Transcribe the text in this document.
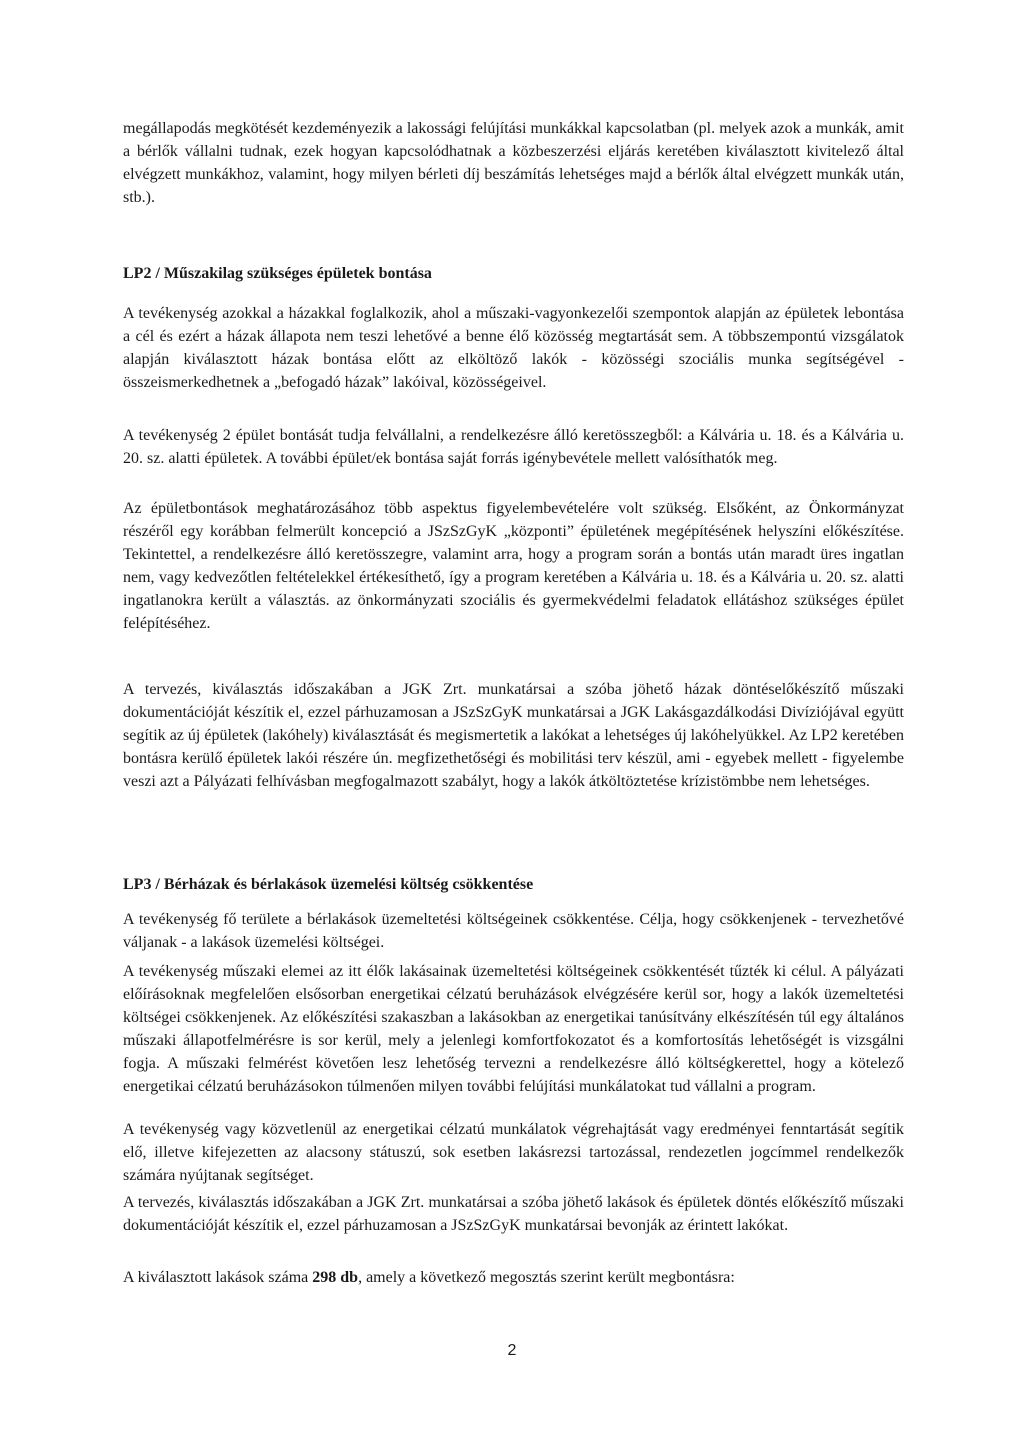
megállapodás megkötését kezdeményezik a lakossági felújítási munkákkal kapcsolatban (pl. melyek azok a munkák, amit a bérlők vállalni tudnak, ezek hogyan kapcsolódhatnak a közbeszerzési eljárás keretében kiválasztott kivitelező által elvégzett munkákhoz, valamint, hogy milyen bérleti díj beszámítás lehetséges majd a bérlők által elvégzett munkák után, stb.).

LP2 / Műszakilag szükséges épületek bontása

A tevékenység azokkal a házakkal foglalkozik, ahol a műszaki-vagyonkezelői szempontok alapján az épületek lebontása a cél és ezért a házak állapota nem teszi lehetővé a benne élő közösség megtartását sem. A többszempontú vizsgálatok alapján kiválasztott házak bontása előtt az elköltöző lakók - közösségi szociális munka segítségével - összeismerkedhetnek a „befogadó házak” lakóival, közösségeivel.

A tevékenység 2 épület bontását tudja felvállalni, a rendelkezésre álló keretösszegből: a Kálvária u. 18. és a Kálvária u. 20. sz. alatti épületek. A további épület/ek bontása saját forrás igénybevétele mellett valósíthatók meg.

Az épületbontások meghatározásához több aspektus figyelembevételére volt szükség. Elsőként, az Önkormányzat részéről egy korábban felmerült koncepció a JSzSzGyK „központi” épületének megépítésének helyszíni előkészítése. Tekintettel, a rendelkezésre álló keretösszegre, valamint arra, hogy a program során a bontás után maradt üres ingatlan nem, vagy kedvezőtlen feltételekkel értékesíthető, így a program keretében a Kálvária u. 18. és a Kálvária u. 20. sz. alatti ingatlanokra került a választás. az önkormányzati szociális és gyermekvédelmi feladatok ellátáshoz szükséges épület felépítéséhez.

A tervezés, kiválasztás időszakában a JGK Zrt. munkatársai a szóba jöhető házak döntéselőkészítő műszaki dokumentációját készítik el, ezzel párhuzamosan a JSzSzGyK munkatársai a JGK Lakásgazdálkodási Divíziójával együtt segítik az új épületek (lakóhely) kiválasztását és megismertetik a lakókat a lehetséges új lakóhelyükkel. Az LP2 keretében bontásra kerülő épületek lakói részére ún. megfizethetőségi és mobilitási terv készül, ami - egyebek mellett - figyelembe veszi azt a Pályázati felhívásban megfogalmazott szabályt, hogy a lakók átköltöztetése krízistömbbe nem lehetséges.

LP3 / Bérházak és bérlakások üzemelési költség csökkentése

A tevékenység fő területe a bérlakások üzemeltetési költségeinek csökkentése. Célja, hogy csökkenjenek - tervezhetővé váljanak - a lakások üzemelési költségei.

A tevékenység műszaki elemei az itt élők lakásainak üzemeltetési költségeinek csökkentését tűzték ki célul. A pályázati előírásoknak megfelelően elsősorban energetikai célzatú beruházások elvégzésére kerül sor, hogy a lakók üzemeltetési költségei csökkenjenek. Az előkészítési szakaszban a lakásokban az energetikai tanúsítvány elkészítésén túl egy általános műszaki állapotfelmérésre is sor kerül, mely a jelenlegi komfortfokozatot és a komfortosítás lehetőségét is vizsgálni fogja. A műszaki felmérést követően lesz lehetőség tervezni a rendelkezésre álló költségkerettel, hogy a kötelező energetikai célzatú beruházásokon túlmenően milyen további felújítási munkálatokat tud vállalni a program.

A tevékenység vagy közvetlenül az energetikai célzatú munkálatok végrehajtását vagy eredményei fenntartását segítik elő, illetve kifejezetten az alacsony státuszú, sok esetben lakásrezsi tartozással, rendezetlen jogcímmel rendelkezők számára nyújtanak segítséget.

A tervezés, kiválasztás időszakában a JGK Zrt. munkatársai a szóba jöhető lakások és épületek döntés előkészítő műszaki dokumentációját készítik el, ezzel párhuzamosan a JSzSzGyK munkatársai bevonják az érintett lakókat.

A kiválasztott lakások száma 298 db, amely a következő megosztás szerint került megbontásra:

2
